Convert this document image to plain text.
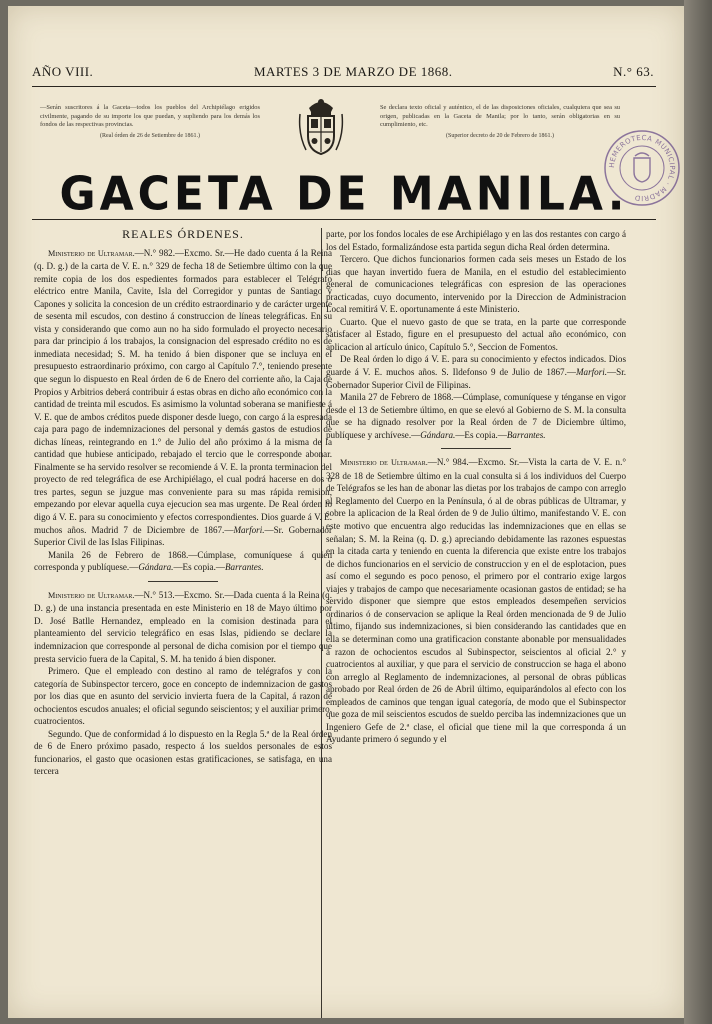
AÑO VIII.	MARTES 3 DE MARZO DE 1868.	N.° 63.
—Serán suscritores á la Gaceta—todos los pueblos del Archipiélago erigidos civilmente, pagando de su importe los que puedan, y supliendo para los demás los fondos de las respectivas provincias.
(Real órden de 26 de Setiembre de 1861.)
Se declara texto oficial y auténtico, el de las disposiciones oficiales, cualquiera que sea su origen, publicadas en la Gaceta de Manila; por lo tanto, serán obligatorias en su cumplimiento, etc.
(Superior decreto de 20 de Febrero de 1861.)
HEMEROTECA MUNICIPAL · MADRID
GACETA DE MANILA.
REALES ÓRDENES.

Ministerio de Ultramar.—N.° 982.—Excmo. Sr.—He dado cuenta á la Reina (q. D. g.) de la carta de V. E. n.° 329 de fecha 18 de Setiembre último con la que remite copia de los dos espedientes formados para establecer el Telégrafo eléctrico entre Manila, Cavite, Isla del Corregidor y puntas de Santiago y Capones y solicita la concesion de un crédito estraordinario y de carácter urgente de sesenta mil escudos, con destino á construccion de líneas telegráficas. En su vista y considerando que como aun no ha sido formulado el proyecto necesario para dar principio á los trabajos, la consignacion del espresado crédito no es de inmediata necesidad; S. M. ha tenido á bien disponer que se incluya en el presupuesto estraordinario próximo, con cargo al Capítulo 7.°, teniendo presente que segun lo dispuesto en Real órden de 6 de Enero del corriente año, la Caja de Propios y Arbitrios deberá contribuir á estas obras en dicho año económico con la cantidad de treinta mil escudos. Es asimismo la voluntad soberana se manifieste á V. E. que de ambos créditos puede disponer desde luego, con cargo á la espresada caja para pago de indemnizaciones del personal y demás gastos de estudios de dichas líneas, reintegrando en 1.° de Julio del año próximo á la misma de la cantidad que hubiese anticipado, rebajado el tercio que le corresponde abonar. Finalmente se ha servido resolver se recomiende á V. E. la pronta terminacion del proyecto de red telegráfica de ese Archipiélago, el cual podrá hacerse en dos ó tres partes, segun se juzgue mas conveniente para su mas rápida remision, empezando por elevar aquella cuya ejecucion sea mas urgente. De Real órden lo digo á V. E. para su conocimiento y efectos correspondientes. Dios guarde á V. E. muchos años. Madrid 7 de Diciembre de 1867.—Marfori.—Sr. Gobernador Superior Civil de las Islas Filipinas.

Manila 26 de Febrero de 1868.—Cúmplase, comuníquese á quien corresponda y publíquese.—Gándara.—Es copia.—Barrantes.

Ministerio de Ultramar.—N.° 513.—Excmo. Sr.—Dada cuenta á la Reina (q. D. g.) de una instancia presentada en este Ministerio en 18 de Mayo último por D. José Batlle Hernandez, empleado en la comision destinada para el planteamiento del servicio telegráfico en esas Islas, pidiendo se declare la indemnizacion que corresponde al personal de dicha comision por el tiempo que presta servicio fuera de la Capital, S. M. ha tenido á bien disponer.

Primero. Que el empleado con destino al ramo de telégrafos y con la categoría de Subinspector tercero, goce en concepto de indemnizacion de gastos por los dias que en asunto del servicio invierta fuera de la Capital, á razon de ochocientos escudos anuales; el oficial segundo seiscientos; y el auxiliar primero, cuatrocientos.

Segundo. Que de conformidad á lo dispuesto en la Regla 5.ª de la Real órden de 6 de Enero próximo pasado, respecto á los sueldos personales de estos funcionarios, el gasto que ocasionen estas gratificaciones, se satisfaga, en una tercera

parte, por los fondos locales de ese Archipiélago y en las dos restantes con cargo á los del Estado, formalizándose esta partida segun dicha Real órden determina.

Tercero. Que dichos funcionarios formen cada seis meses un Estado de los dias que hayan invertido fuera de Manila, en el estudio del establecimiento general de comunicaciones telegráficas con espresion de las operaciones practicadas, cuyo documento, intervenido por la Direccion de Administracion Local remitirá V. E. oportunamente á este Ministerio.

Cuarto. Que el nuevo gasto de que se trata, en la parte que corresponde satisfacer al Estado, figure en el presupuesto del actual año económico, con aplicacion al artículo único, Capítulo 5.°, Seccion de Fomentos.

De Real órden lo digo á V. E. para su conocimiento y efectos indicados. Dios guarde á V. E. muchos años. S. Ildefonso 9 de Julio de 1867.—Marfori.—Sr. Gobernador Superior Civil de Filipinas.

Manila 27 de Febrero de 1868.—Cúmplase, comuníquese y ténganse en vigor desde el 13 de Setiembre último, en que se elevó al Gobierno de S. M. la consulta que se ha dignado resolver por la Real órden de 7 de Diciembre último, publíquese y archívese.—Gándara.—Es copia.—Barrantes.

Ministerio de Ultramar.—N.° 984.—Excmo. Sr.—Vista la carta de V. E. n.° 328 de 18 de Setiembre último en la cual consulta si á los individuos del Cuerpo de Telégrafos se les han de abonar las dietas por los trabajos de campo con arreglo al Reglamento del Cuerpo en la Península, ó al de obras públicas de Ultramar, y sobre la aplicacion de la Real órden de 9 de Julio último, manifestando V. E. con este motivo que encuentra algo reducidas las indemnizaciones que en ellas se señalan; S. M. la Reina (q. D. g.) apreciando debidamente las razones espuestas en la citada carta y teniendo en cuenta la diferencia que existe entre los trabajos de dichos funcionarios en el servicio de construccion y en el de esplotacion, pues así como el segundo es poco penoso, el primero por el contrario exige largos viajes y trabajos de campo que necesariamente ocasionan gastos de entidad; se ha servido disponer que siempre que estos empleados desempeñen servicios ordinarios ó de conservacion se aplique la Real órden mencionada de 9 de Julio último, fijando sus indemnizaciones, si bien considerando las cantidades que en ella se determinan como una gratificacion constante abonable por mensualidades á razon de ochocientos escudos al Subinspector, seiscientos al oficial 2.° y cuatrocientos al auxiliar, y que para el servicio de construccion se haga el abono con arreglo al Reglamento de indemnizaciones, al personal de obras públicas aprobado por Real órden de 26 de Abril último, equiparándolos al efecto con los empleados de caminos que tengan igual categoría, de modo que el Subinspector que goza de mil seiscientos escudos de sueldo perciba las indemnizaciones que un Ingeniero Gefe de 2.ª clase, el oficial que tiene mil la que corresponda á un Ayudante primero ó segundo y el
